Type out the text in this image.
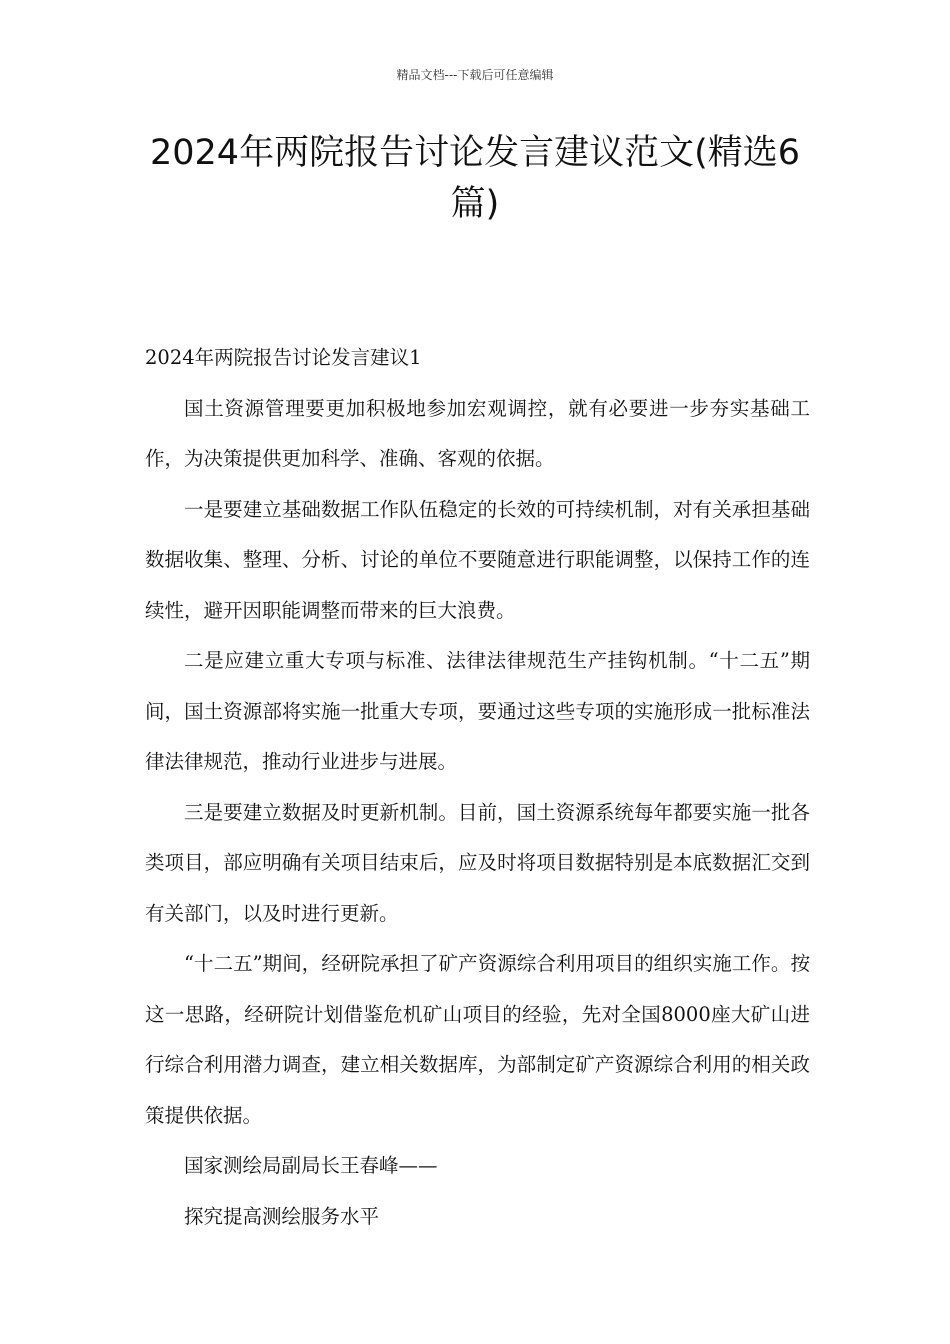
精品文档---下载后可任意编辑
2024年两院报告讨论发言建议范文(精选6篇)

2024年两院报告讨论发言建议1

国土资源管理要更加积极地参加宏观调控，就有必要进一步夯实基础工作，为决策提供更加科学、准确、客观的依据。

一是要建立基础数据工作队伍稳定的长效的可持续机制，对有关承担基础数据收集、整理、分析、讨论的单位不要随意进行职能调整，以保持工作的连续性，避开因职能调整而带来的巨大浪费。

二是应建立重大专项与标准、法律法律规范生产挂钩机制。“十二五”期间，国土资源部将实施一批重大专项，要通过这些专项的实施形成一批标准法律法律规范，推动行业进步与进展。

三是要建立数据及时更新机制。目前，国土资源系统每年都要实施一批各类项目，部应明确有关项目结束后，应及时将项目数据特别是本底数据汇交到有关部门，以及时进行更新。

“十二五”期间，经研院承担了矿产资源综合利用项目的组织实施工作。按这一思路，经研院计划借鉴危机矿山项目的经验，先对全国8000座大矿山进行综合利用潜力调查，建立相关数据库，为部制定矿产资源综合利用的相关政策提供依据。

国家测绘局副局长王春峰——

探究提高测绘服务水平
